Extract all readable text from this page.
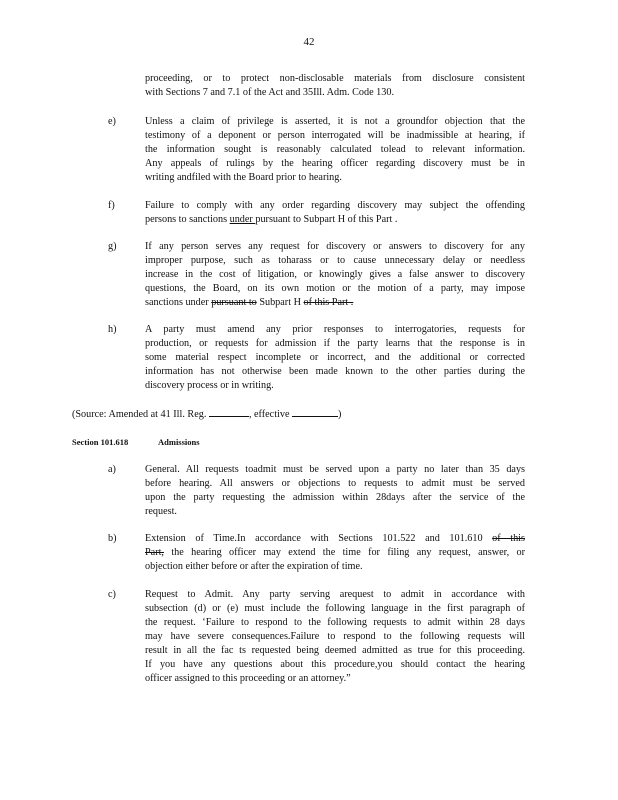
42
proceeding, or to protect non-disclosable materials from disclosure consistent
with Sections 7 and 7.1 of the Act and 35Ill. Adm. Code 130.
e)	Unless a claim of privilege is asserted, it is not a groundfor objection that the
testimony of a deponent or person interrogated will be inadmissible at hearing, if
the information sought is reasonably calculated tolead to relevant information.
Any appeals of rulings by the hearing officer regarding discovery must be in
writing andfiled with the Board prior to hearing.
f)	Failure to comply with any order regarding discovery may subject the offending
persons to sanctions under pursuant to Subpart H of this Part .
g)	If any person serves any request for discovery or answers to discovery for any
improper purpose, such as toharass or to cause unnecessary delay or needless
increase in the cost of litigation, or knowingly gives a false answer to discovery
questions, the Board, on its own motion or the motion of a party, may impose
sanctions under pursuant to Subpart H of this Part .
h)	A party must amend any prior responses to interrogatories, requests for
production, or requests for admission if the party learns that the response is in
some material respect incomplete or incorrect, and the additional or corrected
information has not otherwise been made known to the other parties during the
discovery process or in writing.
(Source: Amended at 41 Ill. Reg.	, effective	)
Section 101.618	Admissions
a)	General. All requests toadmit must be served upon a party no later than 35 days
before hearing. All answers or objections to requests to admit must be served
upon the party requesting the admission within 28days after the service of the
request.
b)	Extension of Time.In accordance with Sections 101.522 and 101.610 of this
Part, the hearing officer may extend the time for filing any request, answer, or
objection either before or after the expiration of time.
c)	Request to Admit. Any party serving arequest to admit in accordance with
subsection (d) or (e) must include the following language in the first paragraph of
the request. ‘Failure to respond to the following requests to admit within 28 days
may have severe consequences.Failure to respond to the following requests will
result in all the fac ts requested being deemed admitted as true for this proceeding.
If you have any questions about this procedure,you should contact the hearing
officer assigned to this proceeding or an attorney.”
